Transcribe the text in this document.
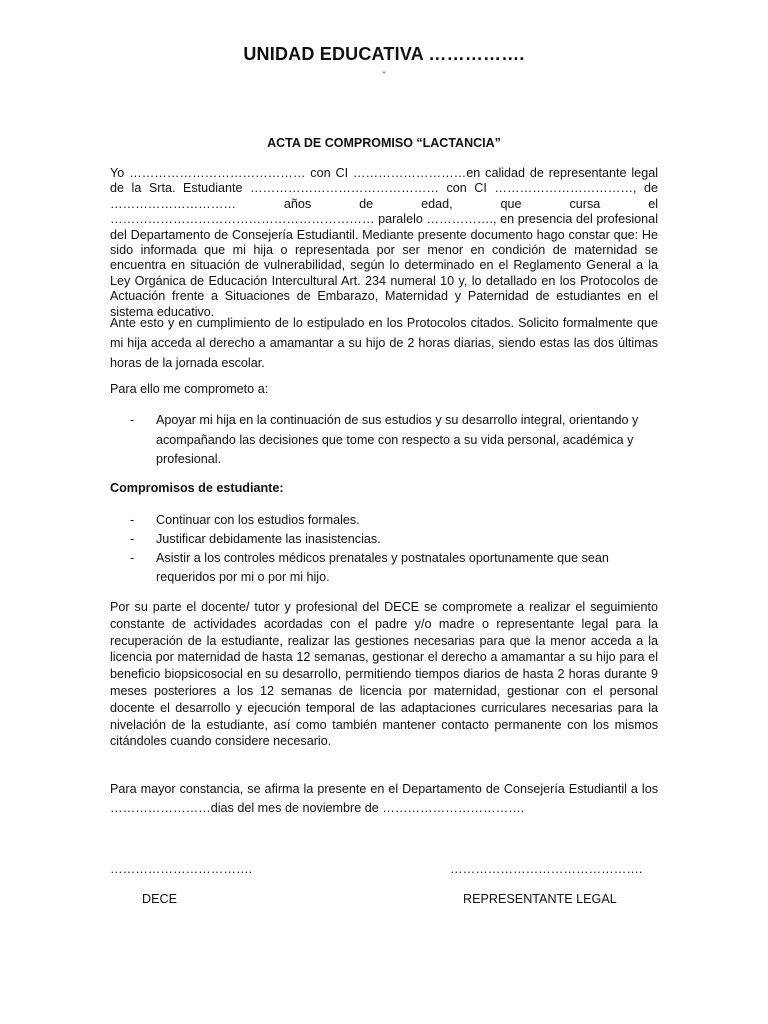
UNIDAD EDUCATIVA …………….
"
ACTA DE COMPROMISO “LACTANCIA”

Yo …………………………………… con CI ………………………en calidad de representante legal de la Srta. Estudiante ……………………………………… con CI ……………………………, de ………………………… años de edad, que cursa el ……………………………………………………… paralelo ……………., en presencia del profesional del Departamento de Consejería Estudiantil. Mediante presente documento hago constar que: He sido informada que mi hija o representada por ser menor en condición de maternidad se encuentra en situación de vulnerabilidad, según lo determinado en el Reglamento General a la Ley Orgánica de Educación Intercultural Art. 234 numeral 10 y, lo detallado en los Protocolos de Actuación frente a Situaciones de Embarazo, Maternidad y Paternidad de estudiantes en el sistema educativo.

Ante esto y en cumplimiento de lo estipulado en los Protocolos citados. Solicito formalmente que mi hija acceda al derecho a amamantar a su hijo de 2 horas diarias, siendo estas las dos últimas horas de la jornada escolar.

Para ello me comprometo a:

- Apoyar mi hija en la continuación de sus estudios y su desarrollo integral, orientando y acompañando las decisiones que tome con respecto a su vida personal, académica y profesional.
Compromisos de estudiante:
- Continuar con los estudios formales.
- Justificar debidamente las inasistencias.
- Asistir a los controles médicos prenatales y postnatales oportunamente que sean requeridos por mi o por mi hijo.

Por su parte el docente/ tutor y profesional del DECE se compromete a realizar el seguimiento constante de actividades acordadas con el padre y/o madre o representante legal para la recuperación de la estudiante, realizar las gestiones necesarias para que la menor acceda a la licencia por maternidad de hasta 12 semanas, gestionar el derecho a amamantar a su hijo para el beneficio biopsicosocial en su desarrollo, permitiendo tiempos diarios de hasta 2 horas durante 9 meses posteriores a los 12 semanas de licencia por maternidad, gestionar con el personal docente el desarrollo y ejecución temporal de las adaptaciones curriculares necesarias para la nivelación de la estudiante, así como también mantener contacto permanente con los mismos citándoles cuando considere necesario.

Para mayor constancia, se afirma la presente en el Departamento de Consejería Estudiantil a los ……………………dias del mes de noviembre de …………………………….

…………………………….	……………………………………….
DECE	REPRESENTANTE LEGAL
